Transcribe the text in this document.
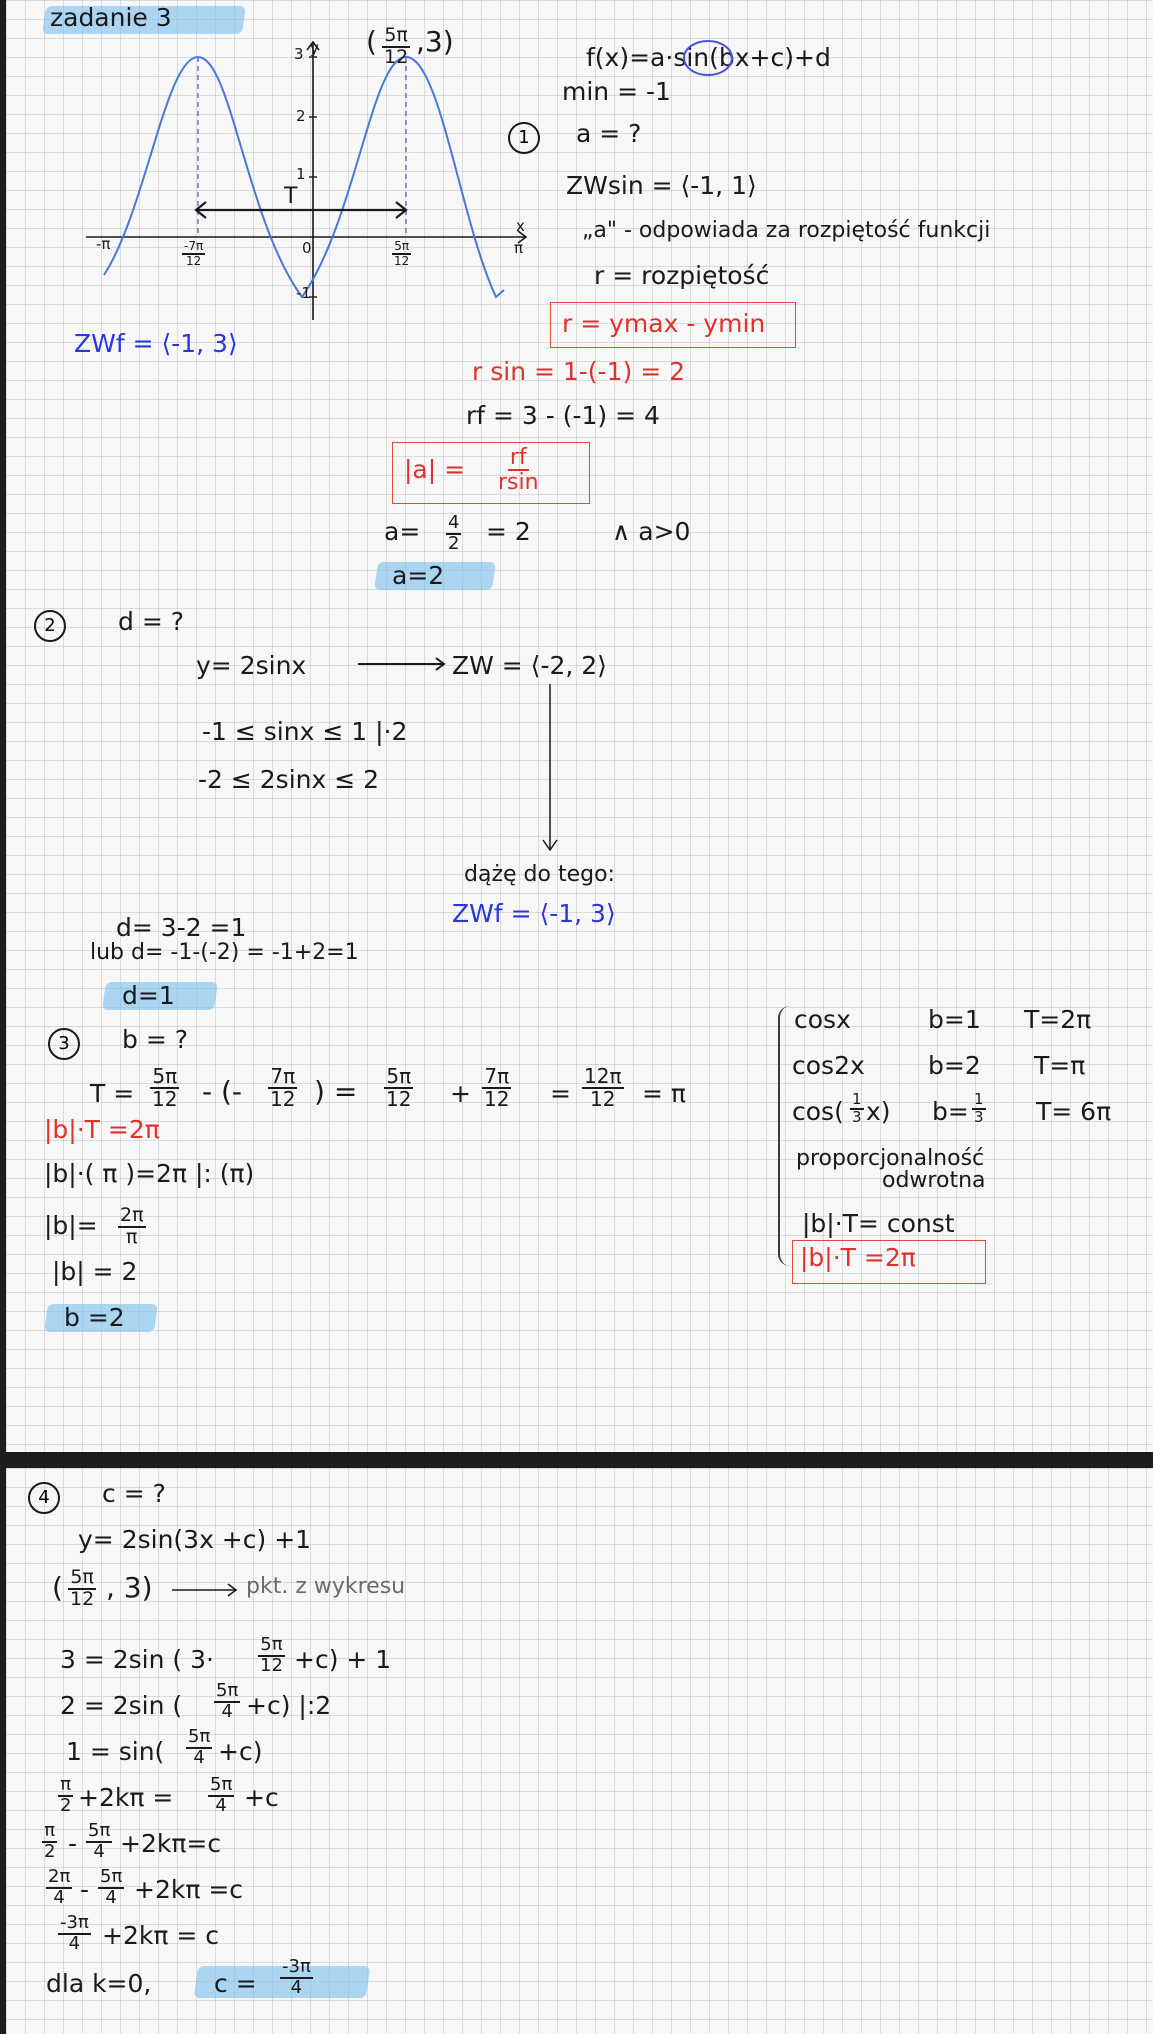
zadanie 3
y
x
3
2
1
-1
-π	π
0
$\frac{-7\pi}{12}$	$\frac{5\pi}{12}$
T
( $\frac{5\pi}{12} ,3$)
ZWf = ⟨-1, 3⟩
f(x)=a·sin(bx+c)+d
min = -1
1	a = ?
ZWsin = ⟨-1, 1⟩
„a" - odpowiada za rozpiętość funkcji
r = rozpiętość
r = ymax - ymin
r sin = 1-(-1) = 2
rf = 3 - (-1) = 4
$|a| = \frac{rf}{rsin}$
$a= \frac{4}{2} = 2$	∧ a>0
a=2
2	d = ?
y= 2sinx	ZW = ⟨-2, 2⟩
-1 ≤ sinx ≤ 1 |·2
-2 ≤ 2sinx ≤ 2
dążę do tego:
ZWf = ⟨-1, 3⟩
d= 3-2 =1
lub d= -1-(-2) = -1+2=1
d=1
3	b = ?
$T = \frac{5\pi}{12}$ - (- $\frac{7\pi}{12}$ ) = $\frac{5\pi}{12} + \frac{7\pi}{12} = \frac{12\pi}{12} = \pi$
|b|·T =2π
|b|·( π )=2π |: (π)
$|b|= \frac{2\pi}{\pi}$
|b| = 2
b =2
cosx	b=1 T=2π
cos2x	b=2 T=π
$\cos( \frac{1}{3} x)$ $b= \frac{1}{3} T= 6\pi$
proporcjonalność
odwrotna
|b|·T= const
|b|·T =2π
4	c = ?
y= 2sin(3x +c) +1
( $\frac{5\pi}{12}$ , 3)	pkt. z wykresu
3 = 2sin ( $3\cdot \frac{5\pi}{12} +c) + 1$
2 = 2sin ( $\frac{5\pi}{4} +c$) |:2
$1 = \sin( \frac{5\pi}{4} +c)$
$\frac{\pi}{2} +2k\pi = \frac{5\pi}{4} +c$
$\frac{\pi}{2} - \frac{5\pi}{4} +2k\pi=c$
$\frac{2\pi}{4} - \frac{5\pi}{4} +2k\pi =c$
$\frac{-3\pi}{4} +2k\pi = c$
dla k=0,	$c = \frac{-3\pi}{4}$
